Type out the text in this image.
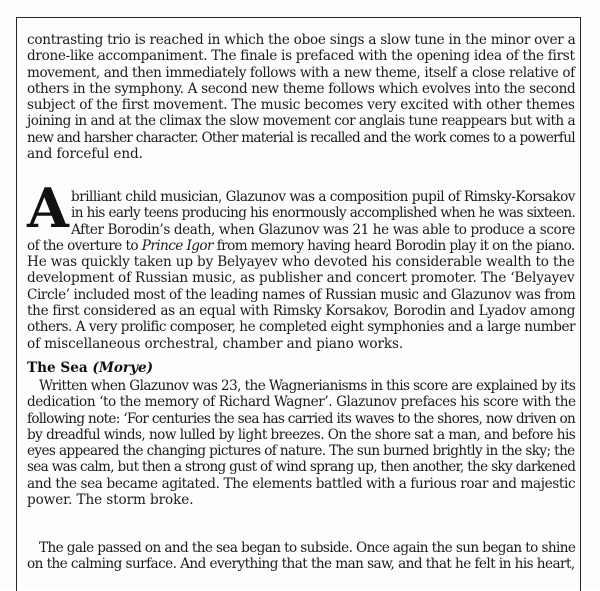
contrasting trio is reached in which the oboe sings a slow tune in the minor over a
drone-like accompaniment. The finale is prefaced with the opening idea of the first
movement, and then immediately follows with a new theme, itself a close relative of
others in the symphony. A second new theme follows which evolves into the second
subject of the first movement. The music becomes very excited with other themes
joining in and at the climax the slow movement cor anglais tune reappears but with a
new and harsher character. Other material is recalled and the work comes to a powerful
and forceful end.
A brilliant child musician, Glazunov was a composition pupil of Rimsky-Korsakov
in his early teens producing his enormously accomplished when he was sixteen.
After Borodin’s death, when Glazunov was 21 he was able to produce a score
of the overture to Prince Igor from memory having heard Borodin play it on the piano.
He was quickly taken up by Belyayev who devoted his considerable wealth to the
development of Russian music, as publisher and concert promoter. The ‘Belyayev
Circle’ included most of the leading names of Russian music and Glazunov was from
the first considered as an equal with Rimsky Korsakov, Borodin and Lyadov among
others. A very prolific composer, he completed eight symphonies and a large number
of miscellaneous orchestral, chamber and piano works.
The Sea (Morye)
Written when Glazunov was 23, the Wagnerianisms in this score are explained by its
dedication ‘to the memory of Richard Wagner’. Glazunov prefaces his score with the
following note: ‘For centuries the sea has carried its waves to the shores, now driven on
by dreadful winds, now lulled by light breezes. On the shore sat a man, and before his
eyes appeared the changing pictures of nature. The sun burned brightly in the sky; the
sea was calm, but then a strong gust of wind sprang up, then another, the sky darkened
and the sea became agitated. The elements battled with a furious roar and majestic
power. The storm broke.
The gale passed on and the sea began to subside. Once again the sun began to shine
on the calming surface. And everything that the man saw, and that he felt in his heart,
